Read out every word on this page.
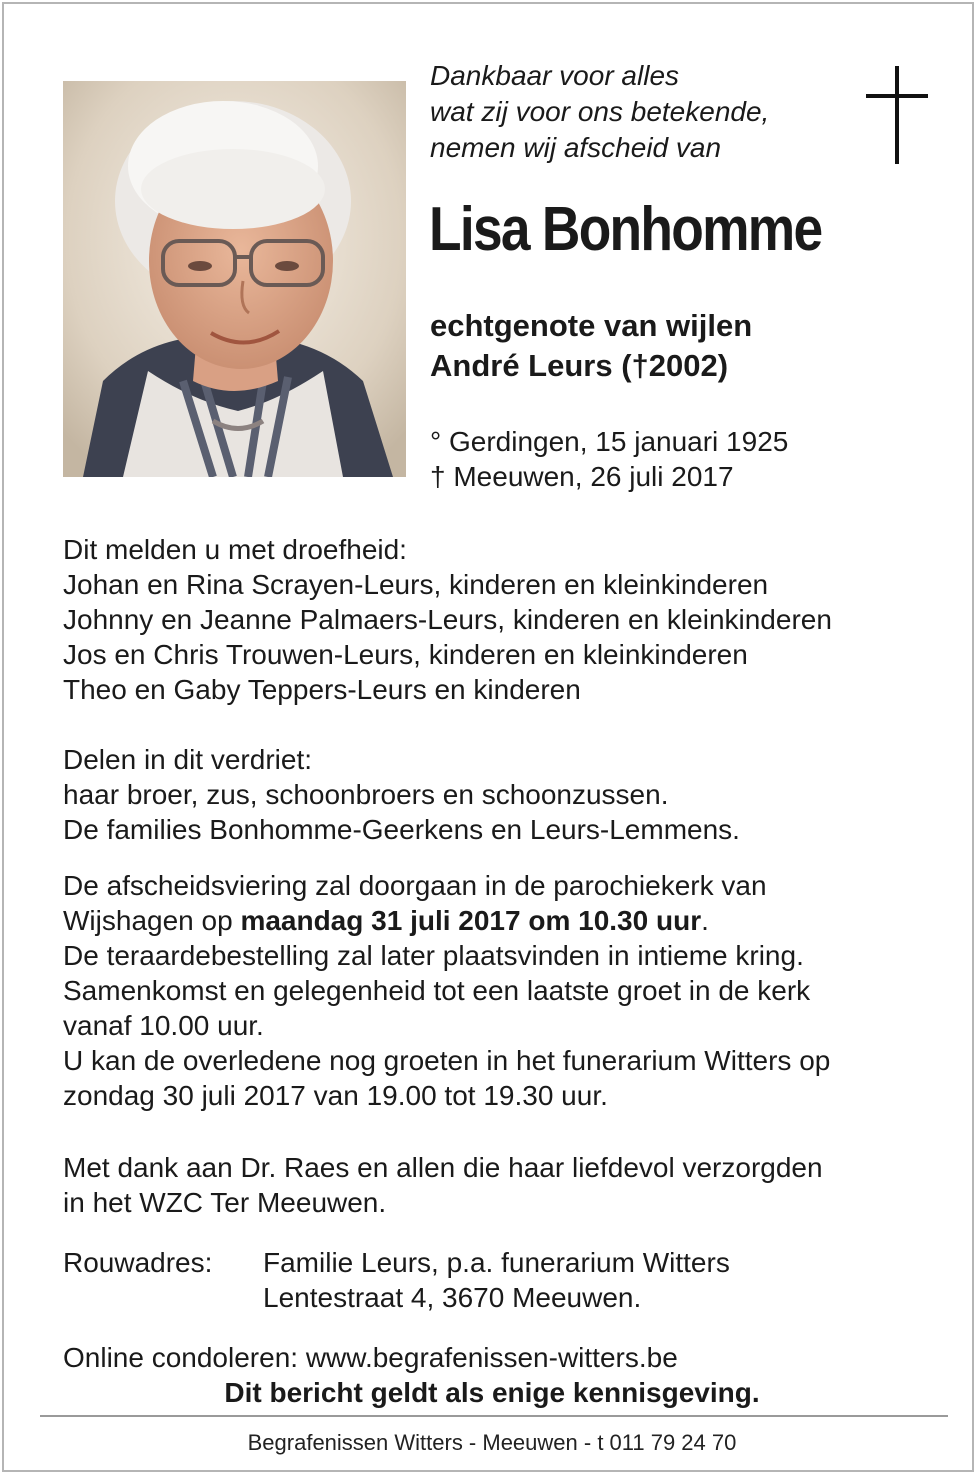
Dankbaar voor alles
wat zij voor ons betekende,
nemen wij afscheid van
Lisa Bonhomme
echtgenote van wijlen
André Leurs (†2002)
° Gerdingen, 15 januari 1925
† Meeuwen, 26 juli 2017
Dit melden u met droefheid:
Johan en Rina Scrayen-Leurs, kinderen en kleinkinderen
Johnny en Jeanne Palmaers-Leurs, kinderen en kleinkinderen
Jos en Chris Trouwen-Leurs, kinderen en kleinkinderen
Theo en Gaby Teppers-Leurs en kinderen
Delen in dit verdriet:
haar broer, zus, schoonbroers en schoonzussen.
De families Bonhomme-Geerkens en Leurs-Lemmens.
De afscheidsviering zal doorgaan in de parochiekerk van
Wijshagen op maandag 31 juli 2017 om 10.30 uur.
De teraardebestelling zal later plaatsvinden in intieme kring.
Samenkomst en gelegenheid tot een laatste groet in de kerk
vanaf 10.00 uur.
U kan de overledene nog groeten in het funerarium Witters op
zondag 30 juli 2017 van 19.00 tot 19.30 uur.
Met dank aan Dr. Raes en allen die haar liefdevol verzorgden
in het WZC Ter Meeuwen.
Rouwadres: Familie Leurs, p.a. funerarium Witters
Lentestraat 4, 3670 Meeuwen.
Online condoleren: www.begrafenissen-witters.be
Dit bericht geldt als enige kennisgeving.
Begrafenissen Witters - Meeuwen - t 011 79 24 70
